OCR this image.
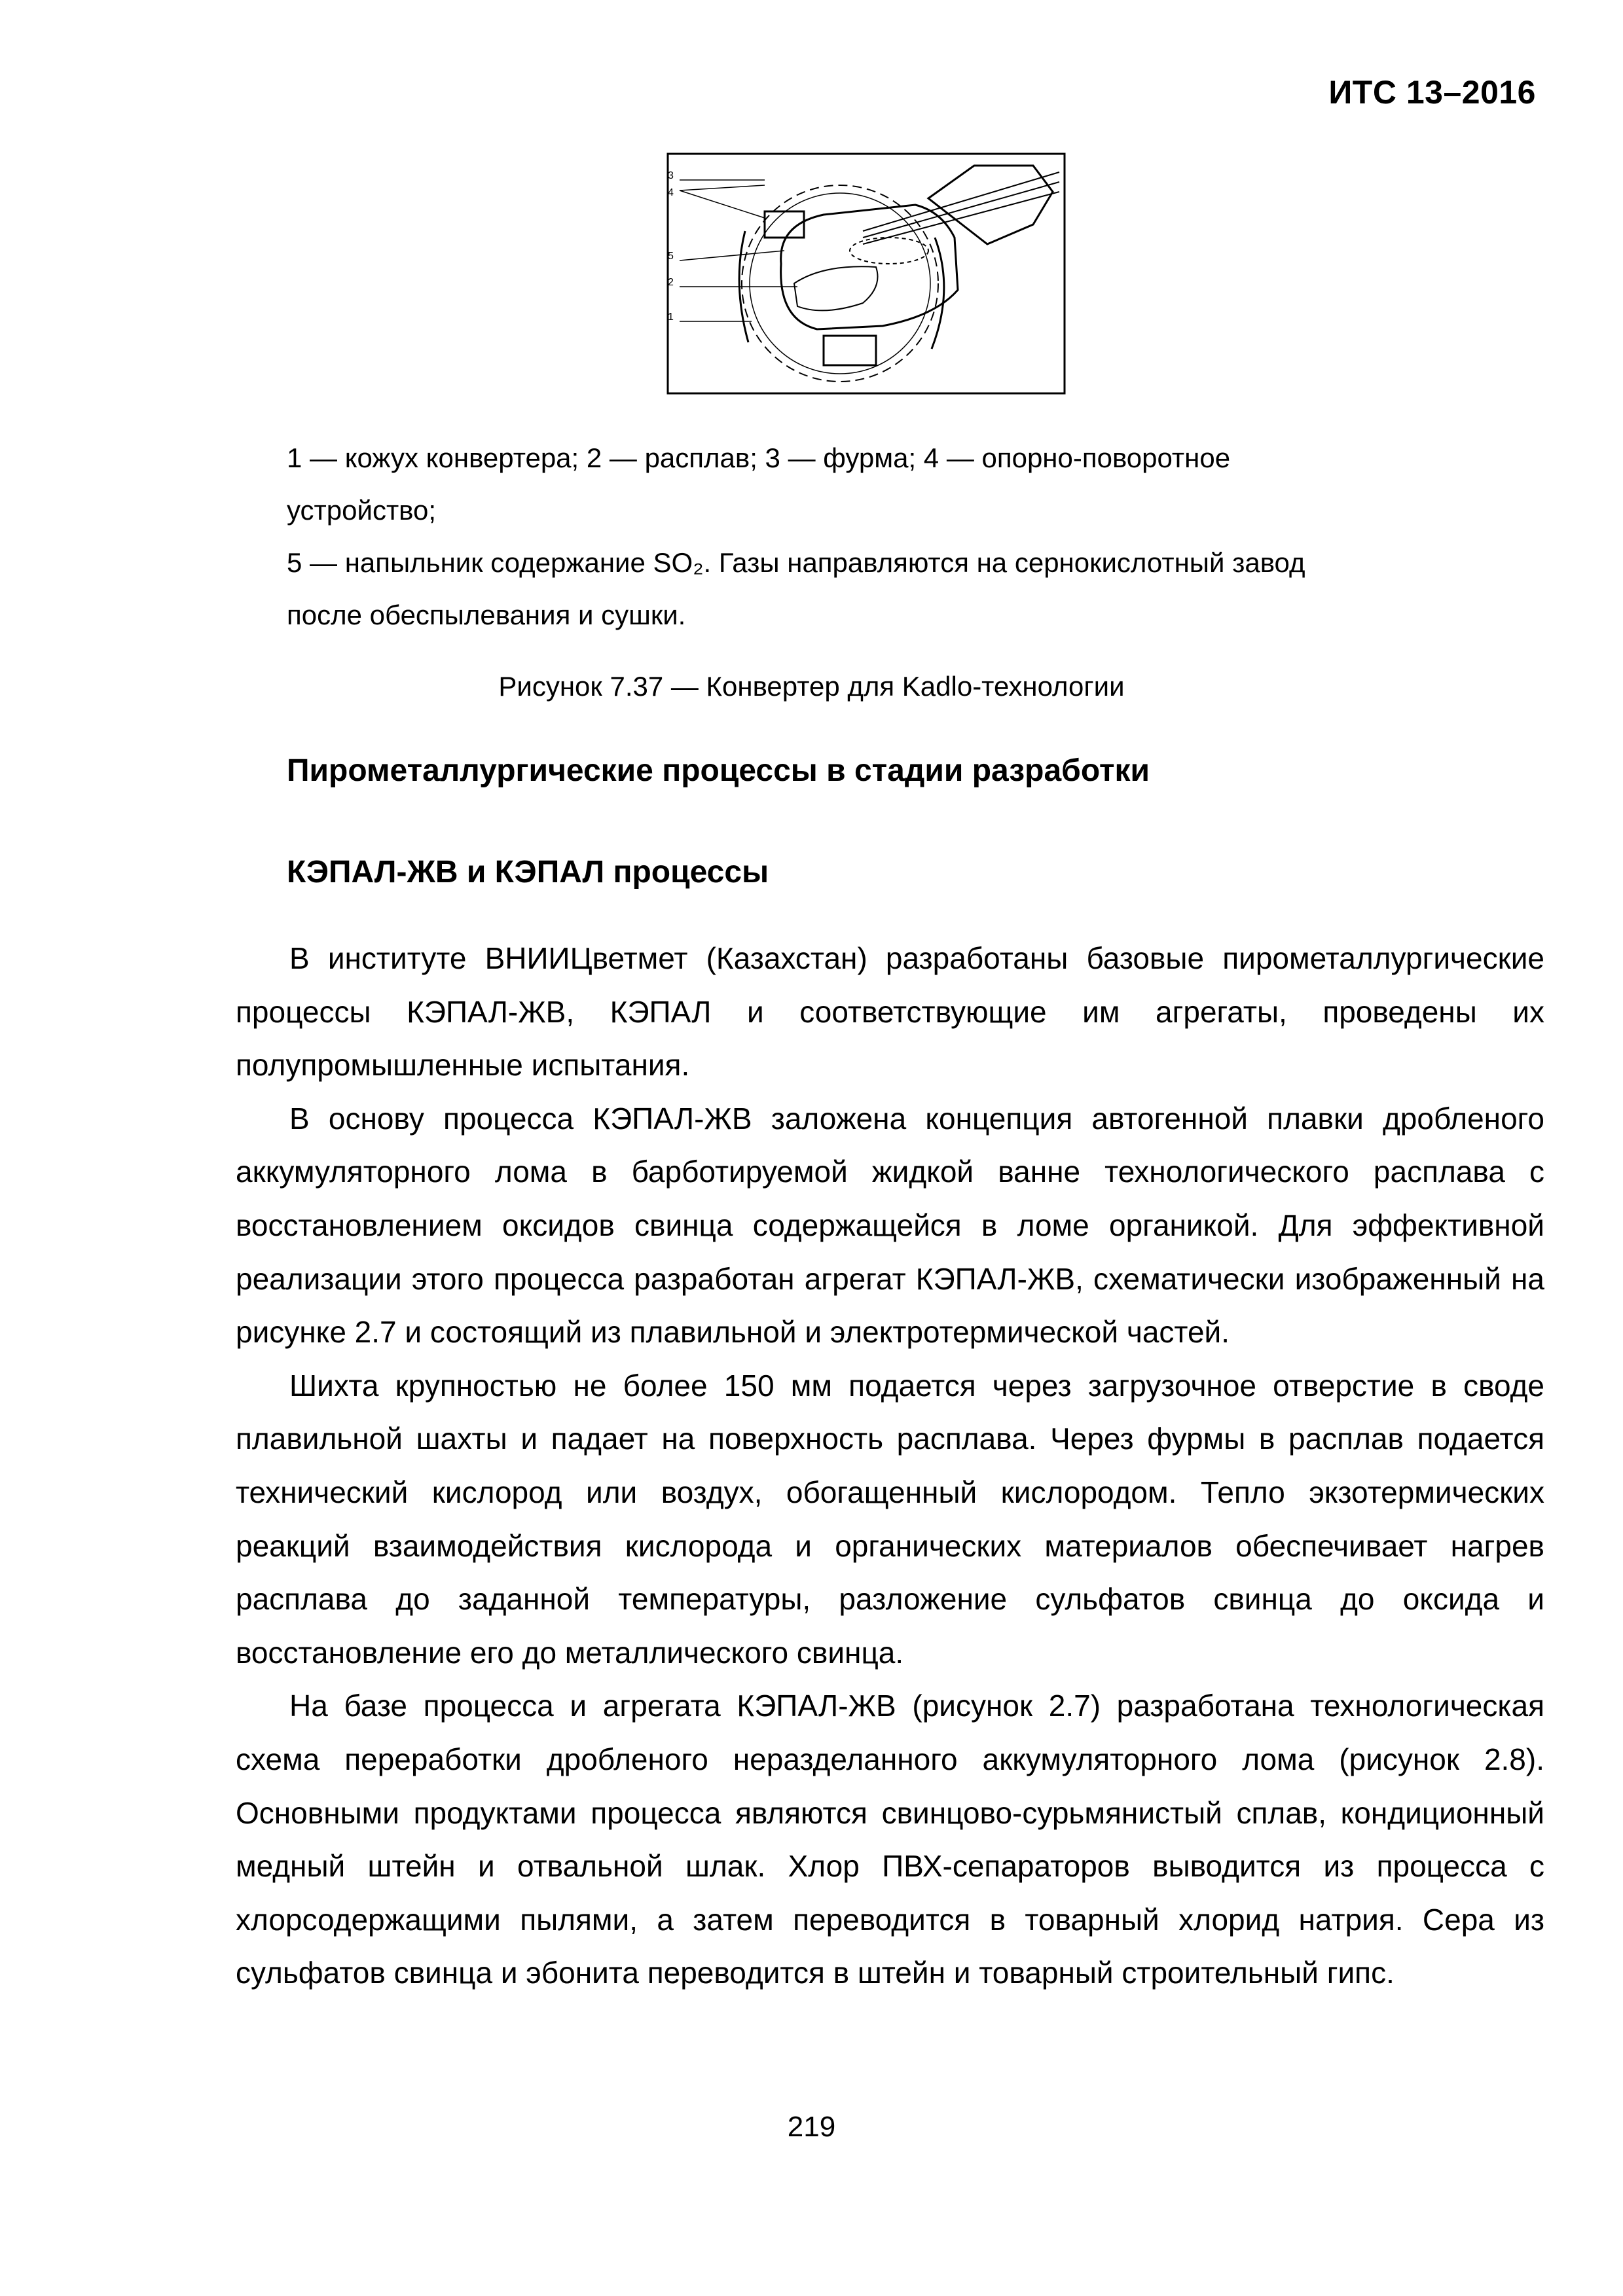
ИТС 13–2016
3
4
5
2
1

1 — кожух конвертера; 2 — расплав; 3 — фурма; 4 — опорно-поворотное

устройство;

5 — напыльник содержание SO₂. Газы направляются на сернокислотный завод

после обеспылевания и сушки.

Рисунок 7.37 — Конвертер для Kadlo-технологии
Пирометаллургические процессы в стадии разработки
КЭПАЛ-ЖВ и КЭПАЛ процессы

В институте ВНИИЦветмет (Казахстан) разработаны базовые пирометаллургические процессы КЭПАЛ-ЖВ, КЭПАЛ и соответствующие им агрегаты, проведены их полупромышленные испытания.

В основу процесса КЭПАЛ-ЖВ заложена концепция автогенной плавки дробленого аккумуляторного лома в барботируемой жидкой ванне технологического расплава с восстановлением оксидов свинца содержащейся в ломе органикой. Для эффективной реализации этого процесса разработан агрегат КЭПАЛ-ЖВ, схематически изображенный на рисунке 2.7 и состоящий из плавильной и электротермической частей.

Шихта крупностью не более 150 мм подается через загрузочное отверстие в своде плавильной шахты и падает на поверхность расплава. Через фурмы в расплав подается технический кислород или воздух, обогащенный кислородом. Тепло экзотермических реакций взаимодействия кислорода и органических материалов обеспечивает нагрев расплава до заданной температуры, разложение сульфатов свинца до оксида и восстановление его до металлического свинца.

На базе процесса и агрегата КЭПАЛ-ЖВ (рисунок 2.7) разработана технологическая схема переработки дробленого неразделанного аккумуляторного лома (рисунок 2.8). Основными продуктами процесса являются свинцово-сурьмянистый сплав, кондиционный медный штейн и отвальной шлак. Хлор ПВХ-сепараторов выводится из процесса с хлорсодержащими пылями, а затем переводится в товарный хлорид натрия. Сера из сульфатов свинца и эбонита переводится в штейн и товарный строительный гипс.

219
